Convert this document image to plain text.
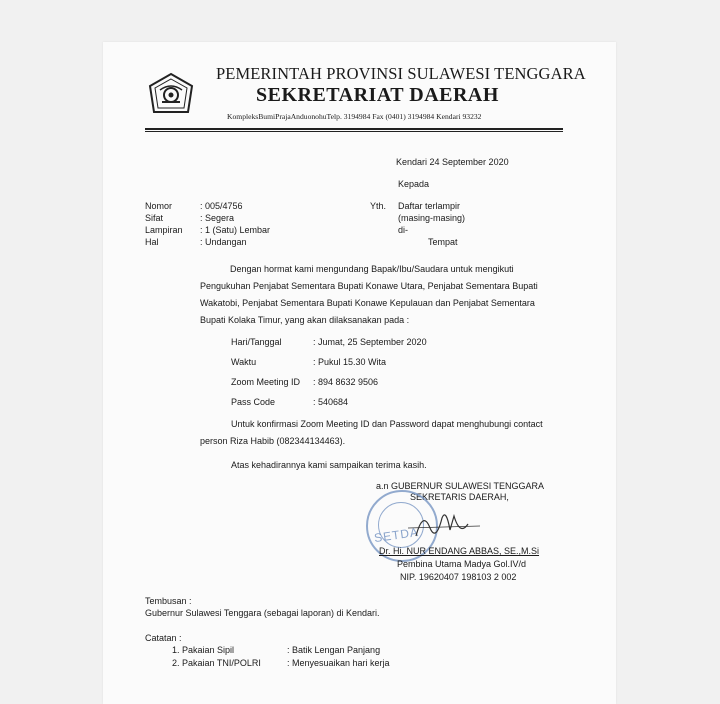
PEMERINTAH PROVINSI SULAWESI TENGGARA
SEKRETARIAT DAERAH
KompleksBumiPrajaAnduonohuTelp. 3194984 Fax (0401) 3194984 Kendari 93232
Kendari 24 September 2020
Kepada
Nomor	: 005/4756
Sifat	: Segera
Lampiran : 1 (Satu) Lembar
Hal	: Undangan
Yth. Daftar terlampir
(masing-masing)
di-
Tempat
Dengan hormat kami mengundang Bapak/Ibu/Saudara untuk mengikuti
Pengukuhan Penjabat Sementara Bupati Konawe Utara, Penjabat Sementara Bupati
Wakatobi, Penjabat Sementara Bupati Konawe Kepulauan dan Penjabat Sementara
Bupati Kolaka Timur, yang akan dilaksanakan pada :
Hari/Tanggal	: Jumat, 25 September 2020
Waktu	: Pukul 15.30 Wita
Zoom Meeting ID : 894 8632 9506
Pass Code	: 540684
Untuk konfirmasi Zoom Meeting ID dan Password dapat menghubungi contact
person Riza Habib (082344134463).
Atas kehadirannya kami sampaikan terima kasih.
a.n GUBERNUR SULAWESI TENGGARA
SEKRETARIS DAERAH,
SETDA
Dr. Hi. NUR ENDANG ABBAS, SE.,M.Si
Pembina Utama Madya Gol.IV/d
NIP. 19620407 198103 2 002
Tembusan :
Gubernur Sulawesi Tenggara (sebagai laporan) di Kendari.
Catatan :
1. Pakaian Sipil	: Batik Lengan Panjang
2. Pakaian TNI/POLRI	: Menyesuaikan hari kerja
